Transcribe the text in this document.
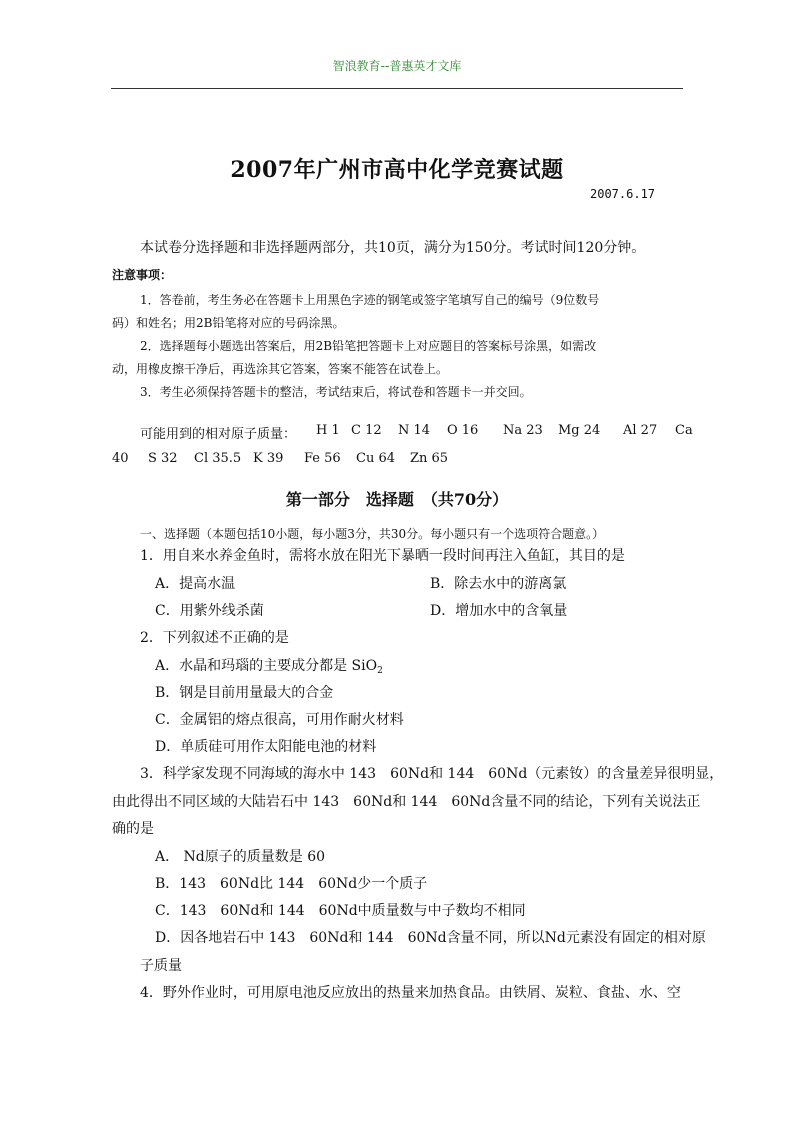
智浪教育--普惠英才文库
2007年广州市高中化学竞赛试题
2007.6.17
本试卷分选择题和非选择题两部分，共10页，满分为150分。考试时间120分钟。
注意事项：
1．答卷前，考生务必在答题卡上用黑色字迹的钢笔或签字笔填写自己的编号（9位数号
码）和姓名；用2B铅笔将对应的号码涂黑。
2．选择题每小题选出答案后，用2B铅笔把答题卡上对应题目的答案标号涂黑，如需改
动，用橡皮擦干净后，再选涂其它答案，答案不能答在试卷上。
3．考生必须保持答题卡的整洁，考试结束后，将试卷和答题卡一并交回。
可能用到的相对原子质量： H 1 C 12 N 14 O 16 Na 23 Mg 24 Al 27 Ca
40 S 32 Cl 35.5 K 39 Fe 56 Cu 64 Zn 65
第一部分　选择题　（共70分）
一、选择题（本题包括10小题，每小题3分，共30分。每小题只有一个选项符合题意。）
1．用自来水养金鱼时，需将水放在阳光下暴晒一段时间再注入鱼缸，其目的是
A．提高水温	B．除去水中的游离氯
C．用紫外线杀菌	D．增加水中的含氧量
2．下列叙述不正确的是
A．水晶和玛瑙的主要成分都是 SiO$_2$
B．钢是目前用量最大的合金
C．金属铝的熔点很高，可用作耐火材料
D．单质硅可用作太阳能电池的材料
3．科学家发现不同海域的海水中 143　60Nd和 144　60Nd（元素钕）的含量差异很明显，
由此得出不同区域的大陆岩石中 143　60Nd和 144　60Nd含量不同的结论，下列有关说法正
确的是
A． Nd原子的质量数是 60
B．143　60Nd比 144　60Nd少一个质子
C．143　60Nd和 144　60Nd中质量数与中子数均不相同
D．因各地岩石中 143　60Nd和 144　60Nd含量不同，所以Nd元素没有固定的相对原
子质量
4．野外作业时，可用原电池反应放出的热量来加热食品。由铁屑、炭粒、食盐、水、空
